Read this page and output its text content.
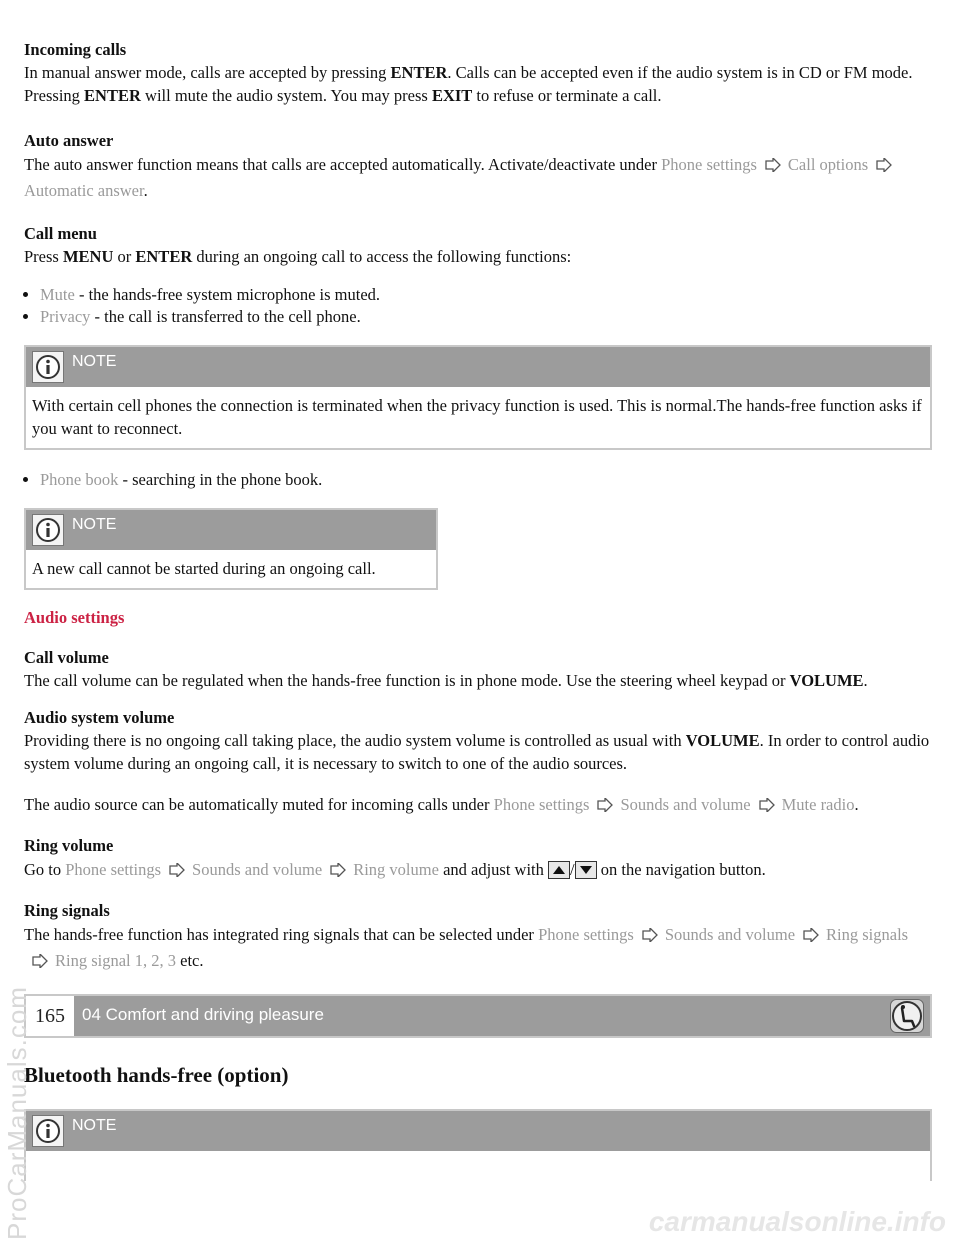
Incoming calls

In manual answer mode, calls are accepted by pressing ENTER. Calls can be accepted even if the audio system is in CD or FM mode. Pressing ENTER will mute the audio system. You may press EXIT to refuse or terminate a call.

Auto answer

The auto answer function means that calls are accepted automatically. Activate/deactivate under Phone settings Call optionsAutomatic answer.

Call menu

Press MENU or ENTER during an ongoing call to access the following functions:

• Mute - the hands-free system microphone is muted.
• Privacy - the call is transferred to the cell phone.
NOTE
With certain cell phones the connection is terminated when the privacy function is used. This is normal.The hands-free function asks if you want to reconnect.
• Phone book - searching in the phone book.
NOTE
A new call cannot be started during an ongoing call.

Audio settings

Call volume

The call volume can be regulated when the hands-free function is in phone mode. Use the steering wheel keypad or VOLUME.

Audio system volume

Providing there is no ongoing call taking place, the audio system volume is controlled as usual with VOLUME. In order to control audio system volume during an ongoing call, it is necessary to switch to one of the audio sources.

The audio source can be automatically muted for incoming calls under Phone settings Sounds and volume Mute radio.

Ring volume

Go to Phone settings Sounds and volume Ring volume and adjust with / on the navigation button.

Ring signals

The hands-free function has integrated ring signals that can be selected under Phone settings Sounds and volume Ring signalsRing signal 1, 2, 3 etc.

165	04 Comfort and driving pleasure

Bluetooth hands-free (option)

NOTE
ProCarManuals.com	carmanualsonline.info
